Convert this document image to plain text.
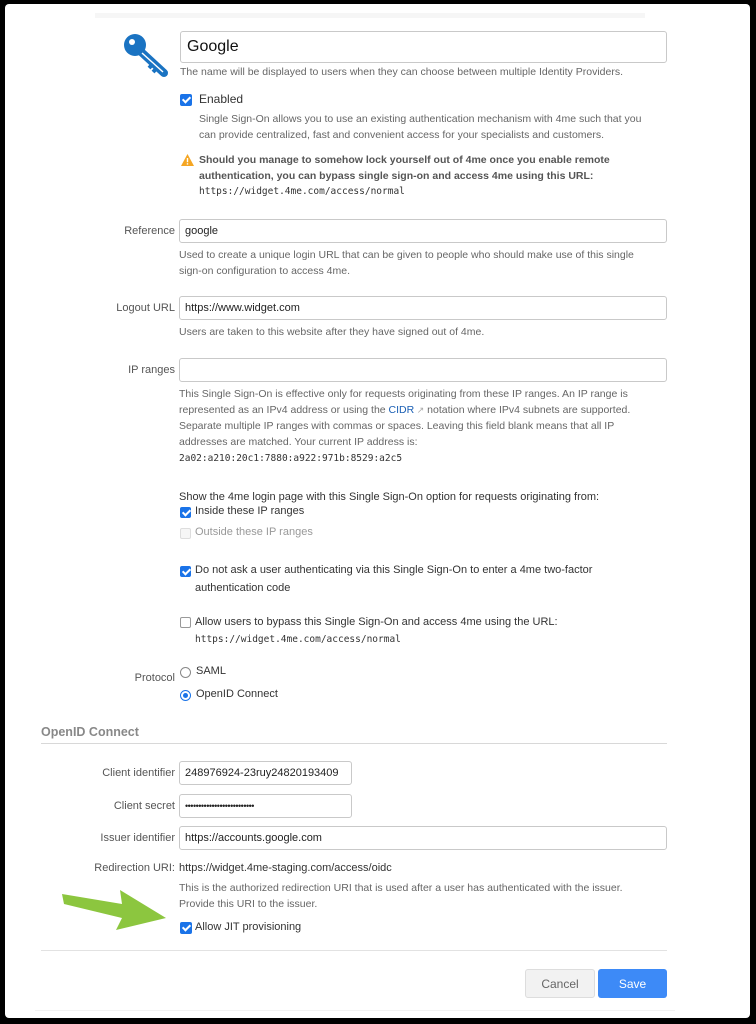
Google
The name will be displayed to users when they can choose between multiple Identity Providers.
Enabled
Single Sign-On allows you to use an existing authentication mechanism with 4me such that you
can provide centralized, fast and convenient access for your specialists and customers.
Should you manage to somehow lock yourself out of 4me once you enable remote
authentication, you can bypass single sign-on and access 4me using this URL:
https://widget.4me.com/access/normal
Reference google
Used to create a unique login URL that can be given to people who should make use of this single
sign-on configuration to access 4me.
Logout URL https://www.widget.com
Users are taken to this website after they have signed out of 4me.
IP ranges
This Single Sign-On is effective only for requests originating from these IP ranges. An IP range is
represented as an IPv4 address or using the CIDR ↗ notation where IPv4 subnets are supported.
Separate multiple IP ranges with commas or spaces. Leaving this field blank means that all IP
addresses are matched. Your current IP address is:
2a02:a210:20c1:7880:a922:971b:8529:a2c5
Show the 4me login page with this Single Sign-On option for requests originating from:
Inside these IP ranges
Outside these IP ranges
Do not ask a user authenticating via this Single Sign-On to enter a 4me two-factor
authentication code
Allow users to bypass this Single Sign-On and access 4me using the URL:
https://widget.4me.com/access/normal
Protocol
SAML
OpenID Connect
OpenID Connect
Client identifier 248976924-23ruy24820193409
Client secret ••••••••••••••••••••••••••
Issuer identifier https://accounts.google.com
Redirection URI: https://widget.4me-staging.com/access/oidc
This is the authorized redirection URI that is used after a user has authenticated with the issuer.
Provide this URI to the issuer.
Allow JIT provisioning
Cancel	Save
